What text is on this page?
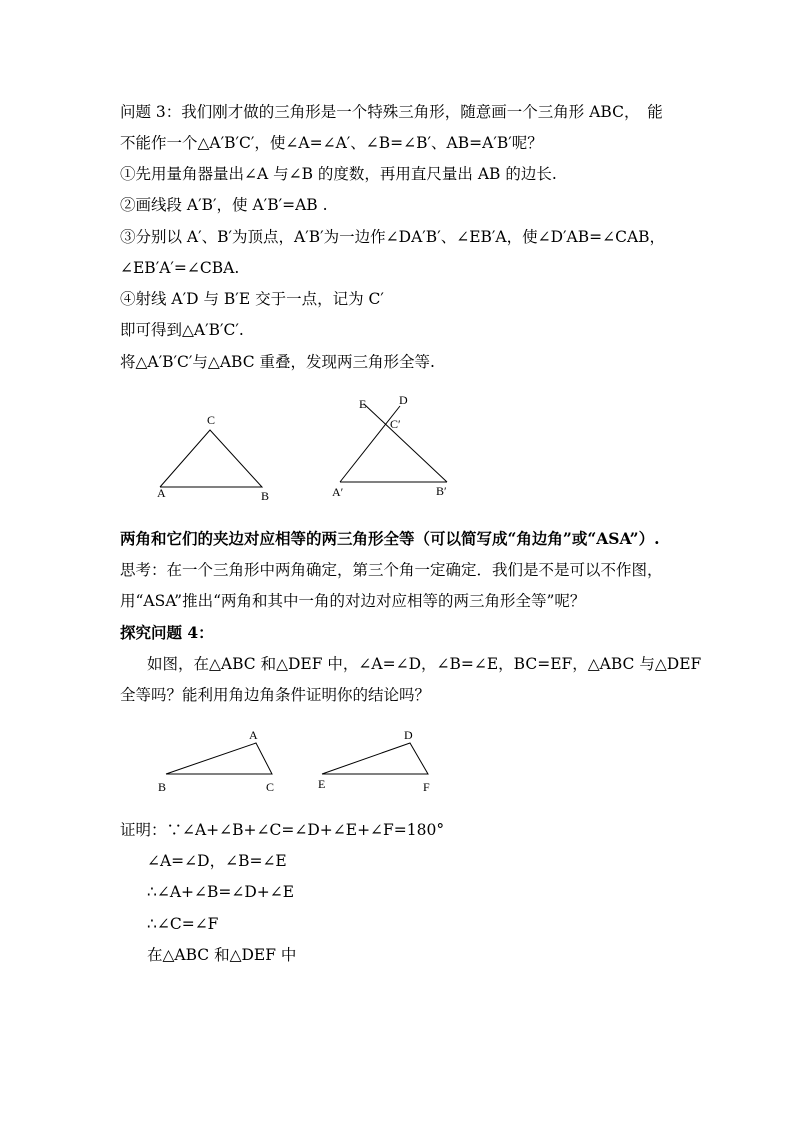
问题 3：我们刚才做的三角形是一个特殊三角形，随意画一个三角形 ABC，　能
不能作一个△A′B′C′，使∠A=∠A′、∠B=∠B′、AB=A′B′呢？
①先用量角器量出∠A 与∠B 的度数，再用直尺量出 AB 的边长.
②画线段 A′B′，使 A′B′=AB .
③分别以 A′、B′为顶点，A′B′为一边作∠DA′B′、∠EB′A，使∠D′AB=∠CAB，
∠EB′A′=∠CBA.
④射线 A′D 与 B′E 交于一点，记为 C′
即可得到△A′B′C′.
将△A′B′C′与△ABC 重叠，发现两三角形全等.
A	B
C
A′	B′
C′
D
E
A
B	C
D
E	F
两角和它们的夹边对应相等的两三角形全等（可以简写成“角边角”或“ASA”）.
思考：在一个三角形中两角确定，第三个角一定确定．我们是不是可以不作图，
用“ASA”推出“两角和其中一角的对边对应相等的两三角形全等”呢？
探究问题 4：
如图，在△ABC 和△DEF 中，∠A=∠D，∠B=∠E，BC=EF，△ABC 与△DEF
全等吗？能利用角边角条件证明你的结论吗？
证明：∵∠A+∠B+∠C=∠D+∠E+∠F=180°
∠A=∠D，∠B=∠E
∴∠A+∠B=∠D+∠E
∴∠C=∠F
在△ABC 和△DEF 中
